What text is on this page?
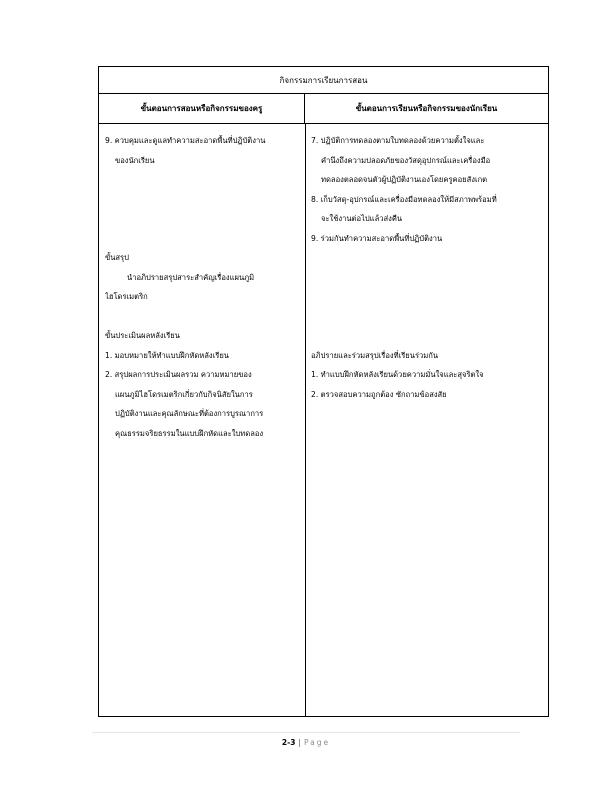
กิจกรรมการเรียนการสอน
ขั้นตอนการสอนหรือกิจกรรมของครู	ขั้นตอนการเรียนหรือกิจกรรมของนักเรียน
9. ควบคุมและดูแลทำความสะอาดพื้นที่ปฏิบัติงาน
ของนักเรียน
ขั้นสรุป
นำอภิปรายสรุปสาระสำคัญเรื่องแผนภูมิ
ไฮโดรเมตริก
ขั้นประเมินผลหลังเรียน
1. มอบหมายให้ทำแบบฝึกหัดหลังเรียน
2. สรุปผลการประเมินผลรวม ความหมายของ
แผนภูมิไฮโดรเมตริกเกี่ยวกับกิจนิสัยในการ
ปฏิบัติงานและคุณลักษณะที่ต้องการบูรณาการ
คุณธรรมจริยธรรมในแบบฝึกหัดและใบทดลอง
7. ปฏิบัติการทดลองตามใบทดลองด้วยความตั้งใจและ
คำนึงถึงความปลอดภัยของวัสดุอุปกรณ์และเครื่องมือ
ทดลองตลอดจนตัวผู้ปฏิบัติงานเองโดยครูคอยสังเกต
8. เก็บวัสดุ-อุปกรณ์และเครื่องมือทดลองให้มีสภาพพร้อมที่
จะใช้งานต่อไปแล้วส่งคืน
9. ร่วมกันทำความสะอาดพื้นที่ปฏิบัติงาน
อภิปรายและร่วมสรุปเรื่องที่เรียนร่วมกัน
1. ทำแบบฝึกหัดหลังเรียนด้วยความมั่นใจและสุจริตใจ
2. ตรวจสอบความถูกต้อง ซักถามข้อสงสัย
2-3 | Page
